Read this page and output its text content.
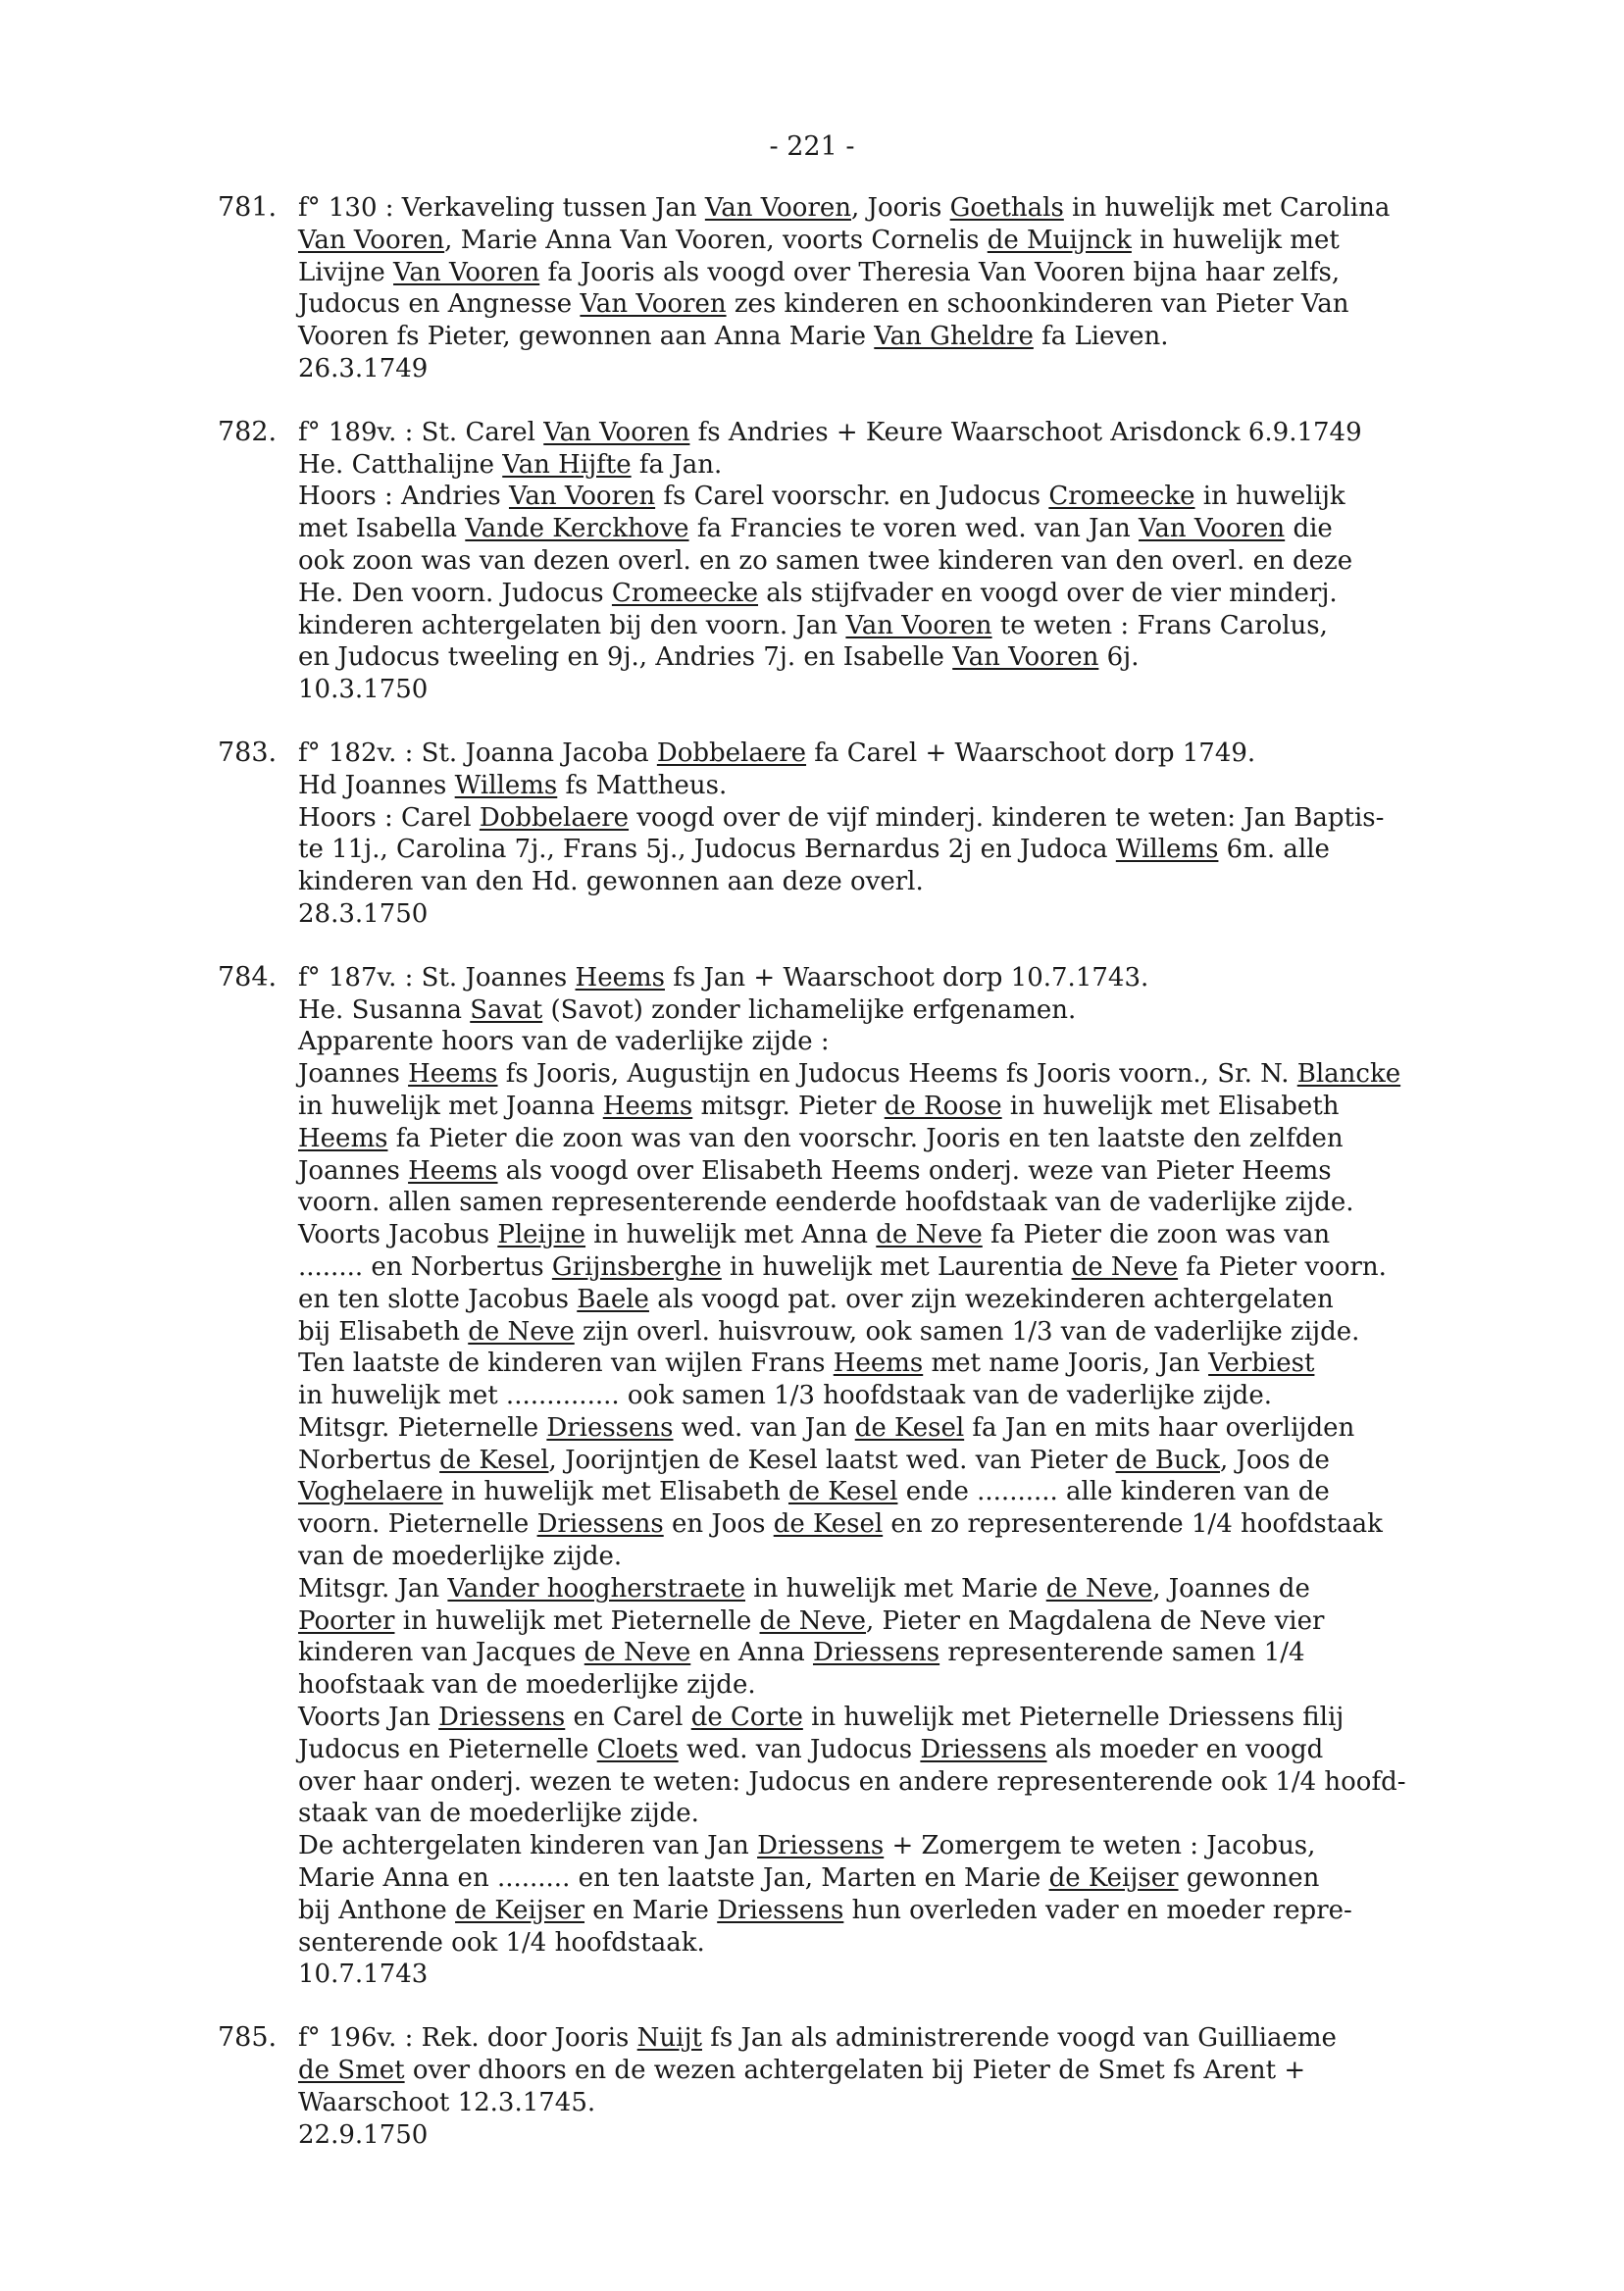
- 221 -
781. f° 130 : Verkaveling tussen Jan Van Vooren, Jooris Goethals in huwelijk met Carolina
Van Vooren, Marie Anna Van Vooren, voorts Cornelis de Muijnck in huwelijk met
Livijne Van Vooren fa Jooris als voogd over Theresia Van Vooren bijna haar zelfs,
Judocus en Angnesse Van Vooren zes kinderen en schoonkinderen van Pieter Van
Vooren fs Pieter, gewonnen aan Anna Marie Van Gheldre fa Lieven.
26.3.1749
782. f° 189v. : St. Carel Van Vooren fs Andries + Keure Waarschoot Arisdonck 6.9.1749
He. Catthalijne Van Hijfte fa Jan.
Hoors : Andries Van Vooren fs Carel voorschr. en Judocus Cromeecke in huwelijk
met Isabella Vande Kerckhove fa Francies te voren wed. van Jan Van Vooren die
ook zoon was van dezen overl. en zo samen twee kinderen van den overl. en deze
He. Den voorn. Judocus Cromeecke als stijfvader en voogd over de vier minderj.
kinderen achtergelaten bij den voorn. Jan Van Vooren te weten : Frans Carolus,
en Judocus tweeling en 9j., Andries 7j. en Isabelle Van Vooren 6j.
10.3.1750
783. f° 182v. : St. Joanna Jacoba Dobbelaere fa Carel + Waarschoot dorp 1749.
Hd Joannes Willems fs Mattheus.
Hoors : Carel Dobbelaere voogd over de vijf minderj. kinderen te weten: Jan Baptis-
te 11j., Carolina 7j., Frans 5j., Judocus Bernardus 2j en Judoca Willems 6m. alle
kinderen van den Hd. gewonnen aan deze overl.
28.3.1750
784. f° 187v. : St. Joannes Heems fs Jan + Waarschoot dorp 10.7.1743.
He. Susanna Savat (Savot) zonder lichamelijke erfgenamen.
Apparente hoors van de vaderlijke zijde :
Joannes Heems fs Jooris, Augustijn en Judocus Heems fs Jooris voorn., Sr. N. Blancke
in huwelijk met Joanna Heems mitsgr. Pieter de Roose in huwelijk met Elisabeth
Heems fa Pieter die zoon was van den voorschr. Jooris en ten laatste den zelfden
Joannes Heems als voogd over Elisabeth Heems onderj. weze van Pieter Heems
voorn. allen samen representerende eenderde hoofdstaak van de vaderlijke zijde.
Voorts Jacobus Pleijne in huwelijk met Anna de Neve fa Pieter die zoon was van
........ en Norbertus Grijnsberghe in huwelijk met Laurentia de Neve fa Pieter voorn.
en ten slotte Jacobus Baele als voogd pat. over zijn wezekinderen achtergelaten
bij Elisabeth de Neve zijn overl. huisvrouw, ook samen 1/3 van de vaderlijke zijde.
Ten laatste de kinderen van wijlen Frans Heems met name Jooris, Jan Verbiest
in huwelijk met .............. ook samen 1/3 hoofdstaak van de vaderlijke zijde.
Mitsgr. Pieternelle Driessens wed. van Jan de Kesel fa Jan en mits haar overlijden
Norbertus de Kesel, Joorijntjen de Kesel laatst wed. van Pieter de Buck, Joos de
Voghelaere in huwelijk met Elisabeth de Kesel ende .......... alle kinderen van de
voorn. Pieternelle Driessens en Joos de Kesel en zo representerende 1/4 hoofdstaak
van de moederlijke zijde.
Mitsgr. Jan Vander hoogherstraete in huwelijk met Marie de Neve, Joannes de
Poorter in huwelijk met Pieternelle de Neve, Pieter en Magdalena de Neve vier
kinderen van Jacques de Neve en Anna Driessens representerende samen 1/4
hoofstaak van de moederlijke zijde.
Voorts Jan Driessens en Carel de Corte in huwelijk met Pieternelle Driessens filij
Judocus en Pieternelle Cloets wed. van Judocus Driessens als moeder en voogd
over haar onderj. wezen te weten: Judocus en andere representerende ook 1/4 hoofd-
staak van de moederlijke zijde.
De achtergelaten kinderen van Jan Driessens + Zomergem te weten : Jacobus,
Marie Anna en ......... en ten laatste Jan, Marten en Marie de Keijser gewonnen
bij Anthone de Keijser en Marie Driessens hun overleden vader en moeder repre-
senterende ook 1/4 hoofdstaak.
10.7.1743
785. f° 196v. : Rek. door Jooris Nuijt fs Jan als administrerende voogd van Guilliaeme
de Smet over dhoors en de wezen achtergelaten bij Pieter de Smet fs Arent +
Waarschoot 12.3.1745.
22.9.1750
